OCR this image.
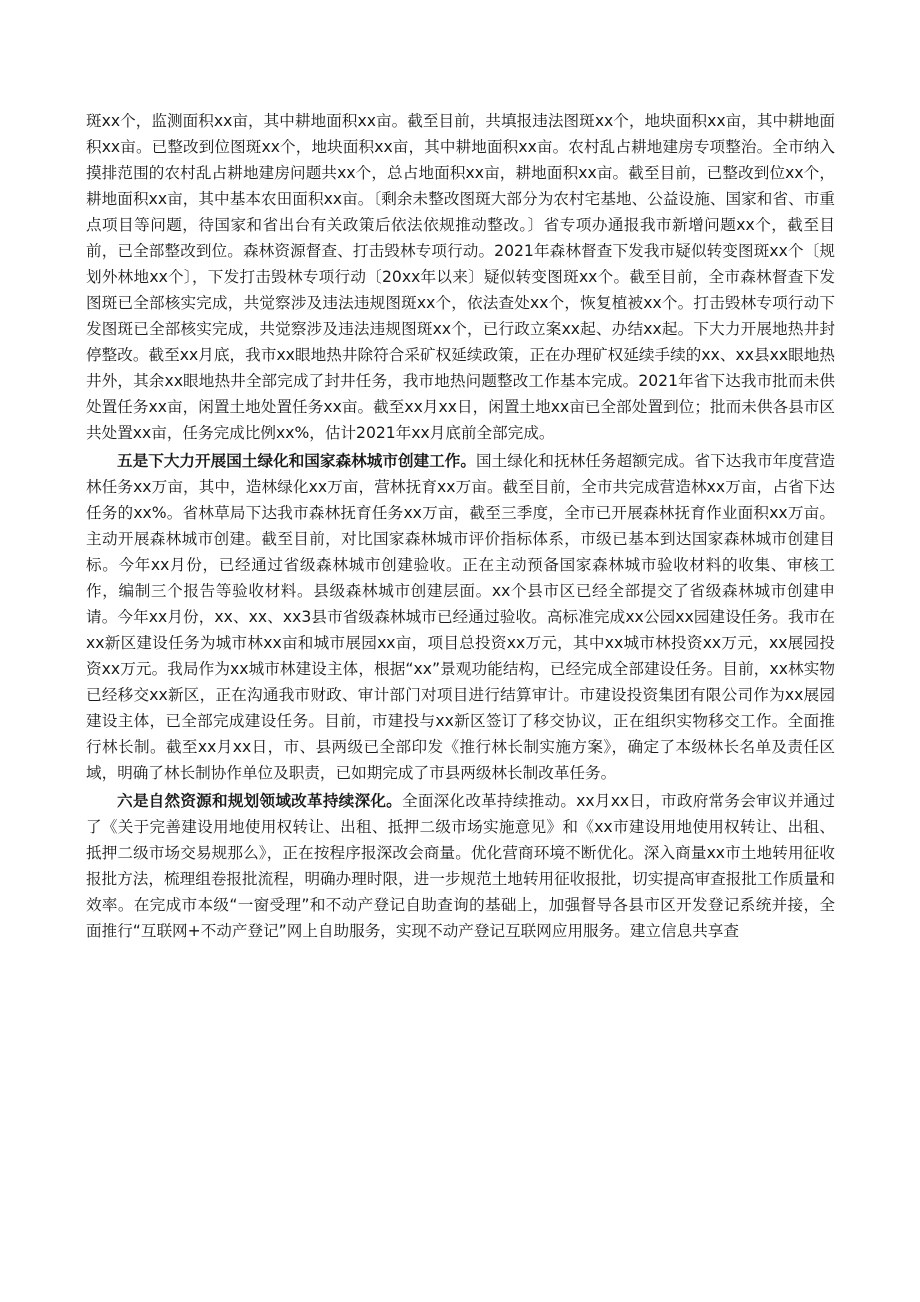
斑xx个，监测面积xx亩，其中耕地面积xx亩。截至目前，共填报违法图斑xx个，地块面积xx亩，其中耕地面积xx亩。已整改到位图斑xx个，地块面积xx亩，其中耕地面积xx亩。农村乱占耕地建房专项整治。全市纳入摸排范围的农村乱占耕地建房问题共xx个，总占地面积xx亩，耕地面积xx亩。截至目前，已整改到位xx个，耕地面积xx亩，其中基本农田面积xx亩。〔剩余未整改图斑大部分为农村宅基地、公益设施、国家和省、市重点项目等问题，待国家和省出台有关政策后依法依规推动整改。〕省专项办通报我市新增问题xx个，截至目前，已全部整改到位。森林资源督查、打击毁林专项行动。2021年森林督查下发我市疑似转变图斑xx个〔规划外林地xx个〕，下发打击毁林专项行动〔20xx年以来〕疑似转变图斑xx个。截至目前，全市森林督查下发图斑已全部核实完成，共觉察涉及违法违规图斑xx个，依法查处xx个，恢复植被xx个。打击毁林专项行动下发图斑已全部核实完成，共觉察涉及违法违规图斑xx个，已行政立案xx起、办结xx起。下大力开展地热井封停整改。截至xx月底，我市xx眼地热井除符合采矿权延续政策，正在办理矿权延续手续的xx、xx县xx眼地热井外，其余xx眼地热井全部完成了封井任务，我市地热问题整改工作基本完成。2021年省下达我市批而未供处置任务xx亩，闲置土地处置任务xx亩。截至xx月xx日，闲置土地xx亩已全部处置到位；批而未供各县市区共处置xx亩，任务完成比例xx%，估计2021年xx月底前全部完成。

五是下大力开展国土绿化和国家森林城市创建工作。国土绿化和抚林任务超额完成。省下达我市年度营造林任务xx万亩，其中，造林绿化xx万亩，营林抚育xx万亩。截至目前，全市共完成营造林xx万亩，占省下达任务的xx%。省林草局下达我市森林抚育任务xx万亩，截至三季度，全市已开展森林抚育作业面积xx万亩。主动开展森林城市创建。截至目前，对比国家森林城市评价指标体系，市级已基本到达国家森林城市创建目标。今年xx月份，已经通过省级森林城市创建验收。正在主动预备国家森林城市验收材料的收集、审核工作，编制三个报告等验收材料。县级森林城市创建层面。xx个县市区已经全部提交了省级森林城市创建申请。今年xx月份，xx、xx、xx3县市省级森林城市已经通过验收。高标准完成xx公园xx园建设任务。我市在xx新区建设任务为城市林xx亩和城市展园xx亩，项目总投资xx万元，其中xx城市林投资xx万元，xx展园投资xx万元。我局作为xx城市林建设主体，根据“xx”景观功能结构，已经完成全部建设任务。目前，xx林实物已经移交xx新区，正在沟通我市财政、审计部门对项目进行结算审计。市建设投资集团有限公司作为xx展园建设主体，已全部完成建设任务。目前，市建投与xx新区签订了移交协议，正在组织实物移交工作。全面推行林长制。截至xx月xx日，市、县两级已全部印发《推行林长制实施方案》，确定了本级林长名单及责任区域，明确了林长制协作单位及职责，已如期完成了市县两级林长制改革任务。

六是自然资源和规划领域改革持续深化。全面深化改革持续推动。xx月xx日，市政府常务会审议并通过了《关于完善建设用地使用权转让、出租、抵押二级市场实施意见》和《xx市建设用地使用权转让、出租、抵押二级市场交易规那么》，正在按程序报深改会商量。优化营商环境不断优化。深入商量xx市土地转用征收报批方法，梳理组卷报批流程，明确办理时限，进一步规范土地转用征收报批，切实提高审查报批工作质量和效率。在完成市本级“一窗受理”和不动产登记自助查询的基础上，加强督导各县市区开发登记系统并接，全面推行“互联网+不动产登记”网上自助服务，实现不动产登记互联网应用服务。建立信息共享查
